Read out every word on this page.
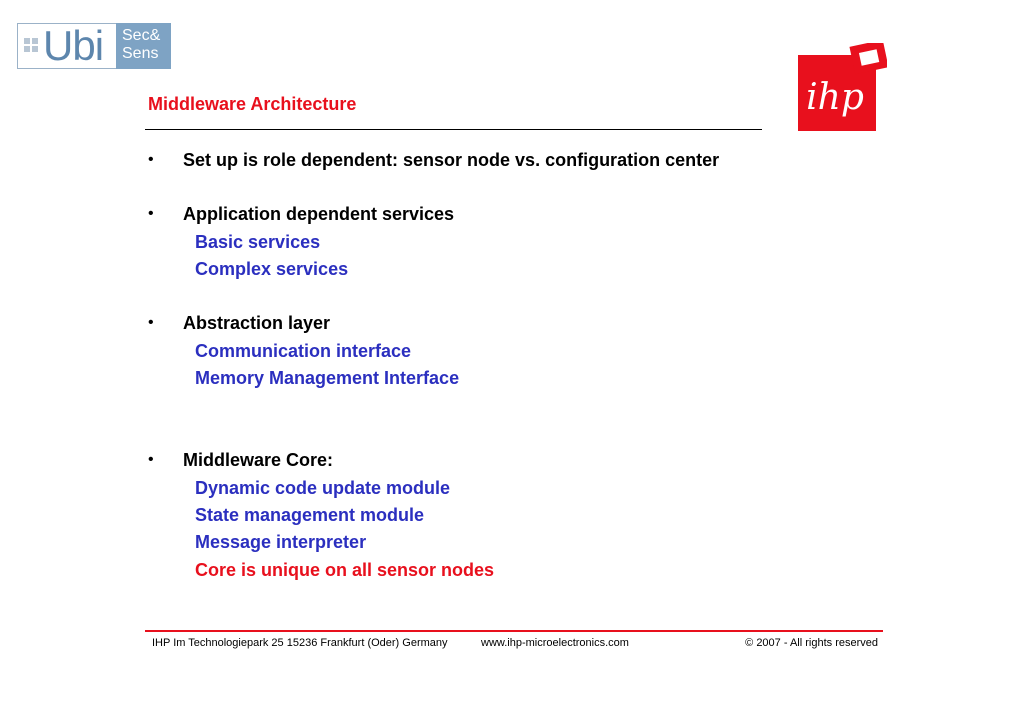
Ubi Sec&
Sens
ihp
Middleware Architecture
• Set up is role dependent: sensor node vs. configuration center
• Application dependent services
Basic services
Complex services
• Abstraction layer
Communication interface
Memory Management Interface
• Middleware Core:
Dynamic code update module
State management module
Message interpreter
Core is unique on all sensor nodes
IHP Im Technologiepark 25 15236 Frankfurt (Oder) Germany	www.ihp-microelectronics.com	© 2007 - All rights reserved
